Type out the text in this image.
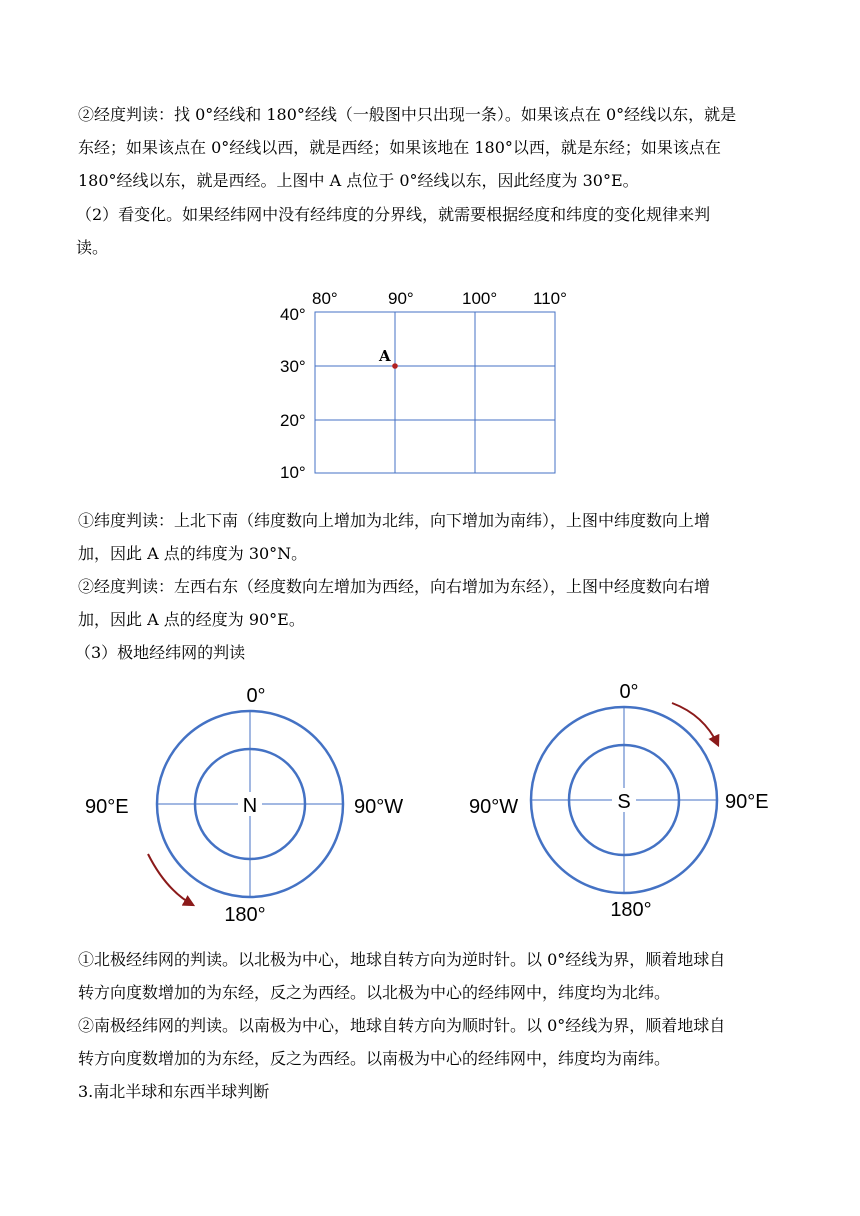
②经度判读：找 0°经线和 180°经线（一般图中只出现一条）。如果该点在 0°经线以东，就是
东经；如果该点在 0°经线以西，就是西经；如果该地在 180°以西，就是东经；如果该点在
180°经线以东，就是西经。上图中 A 点位于 0°经线以东，因此经度为 30°E。
（2）看变化。如果经纬网中没有经纬度的分界线，就需要根据经度和纬度的变化规律来判
读。
80°	90°	100° 110°
40°
30°
20°
10°
A
①纬度判读：上北下南（纬度数向上增加为北纬，向下增加为南纬），上图中纬度数向上增
加，因此 A 点的纬度为 30°N。
②经度判读：左西右东（经度数向左增加为西经，向右增加为东经），上图中经度数向右增
加，因此 A 点的经度为 90°E。
（3）极地经纬网的判读
N
0°
180°
90°E	90°W	S
0°
180°
90°W	90°E
①北极经纬网的判读。以北极为中心，地球自转方向为逆时针。以 0°经线为界，顺着地球自
转方向度数增加的为东经，反之为西经。以北极为中心的经纬网中，纬度均为北纬。
②南极经纬网的判读。以南极为中心，地球自转方向为顺时针。以 0°经线为界，顺着地球自
转方向度数增加的为东经，反之为西经。以南极为中心的经纬网中，纬度均为南纬。
3.南北半球和东西半球判断
